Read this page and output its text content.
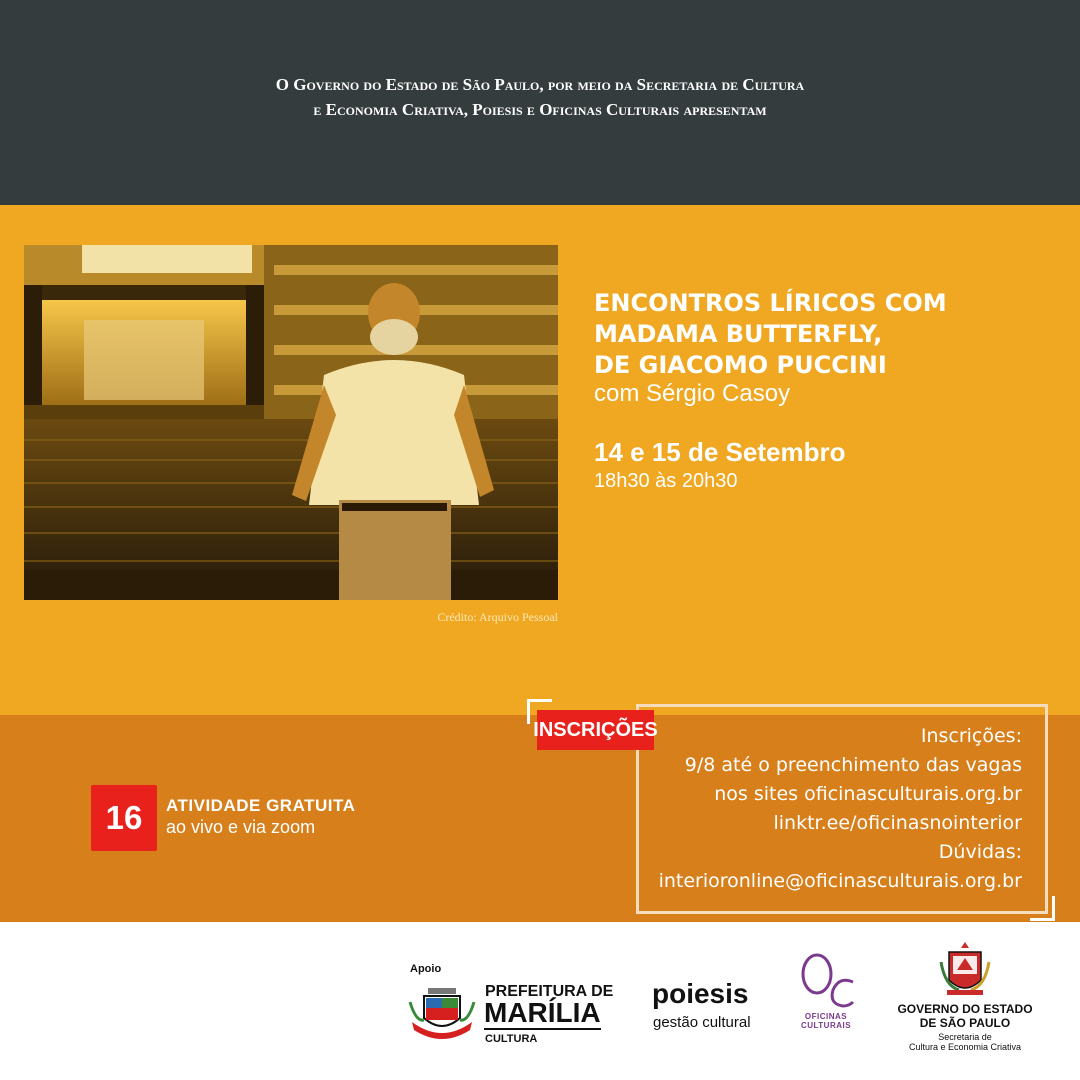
O Governo do Estado de São Paulo, por meio da Secretaria de Cultura
e Economia Criativa, Poiesis e Oficinas Culturais apresentam
Crédito: Arquivo Pessoal
ENCONTROS LÍRICOS COM
MADAMA BUTTERFLY,
DE GIACOMO PUCCINI
com Sérgio Casoy
14 e 15 de Setembro
18h30 às 20h30
16	ATIVIDADE GRATUITA
ao vivo e via zoom
INSCRIÇÕES	Inscrições:
9/8 até o preenchimento das vagas
nos sites oficinasculturais.org.br
linktr.ee/oficinasnointerior
Dúvidas:
interioronline@oficinasculturais.org.br
Apoio
PREFEITURA DE
MARÍLIA
CULTURA
poiesis
gestão cultural	OFICINAS
CULTURAIS
GOVERNO DO ESTADO
DE SÃO PAULO
Secretaria de
Cultura e Economia Criativa
